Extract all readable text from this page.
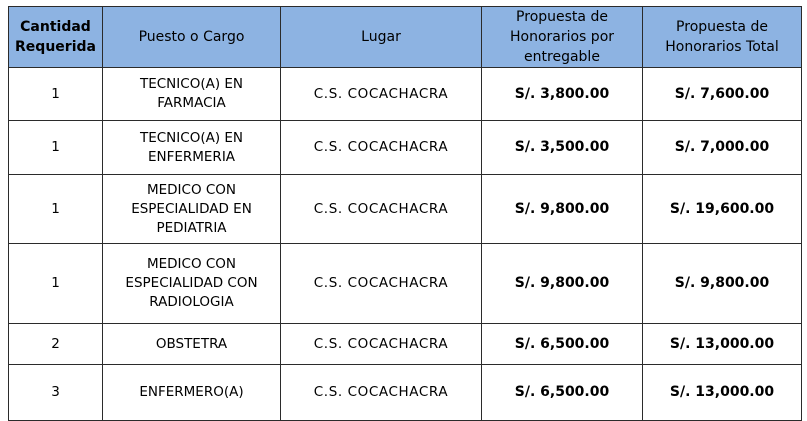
Cantidad Requerida	Puesto o Cargo	Lugar	Propuesta de Honorarios por entregable	Propuesta de Honorarios Total
1	TECNICO(A) EN FARMACIA	C.S. COCACHACRA	S/. 3,800.00	S/. 7,600.00
1	TECNICO(A) EN ENFERMERIA	C.S. COCACHACRA	S/. 3,500.00	S/. 7,000.00
1	MEDICO CON ESPECIALIDAD EN PEDIATRIA	C.S. COCACHACRA	S/. 9,800.00	S/. 19,600.00
1	MEDICO CON ESPECIALIDAD CON RADIOLOGIA	C.S. COCACHACRA	S/. 9,800.00	S/. 9,800.00
2	OBSTETRA	C.S. COCACHACRA	S/. 6,500.00	S/. 13,000.00
3	ENFERMERO(A)	C.S. COCACHACRA	S/. 6,500.00	S/. 13,000.00
